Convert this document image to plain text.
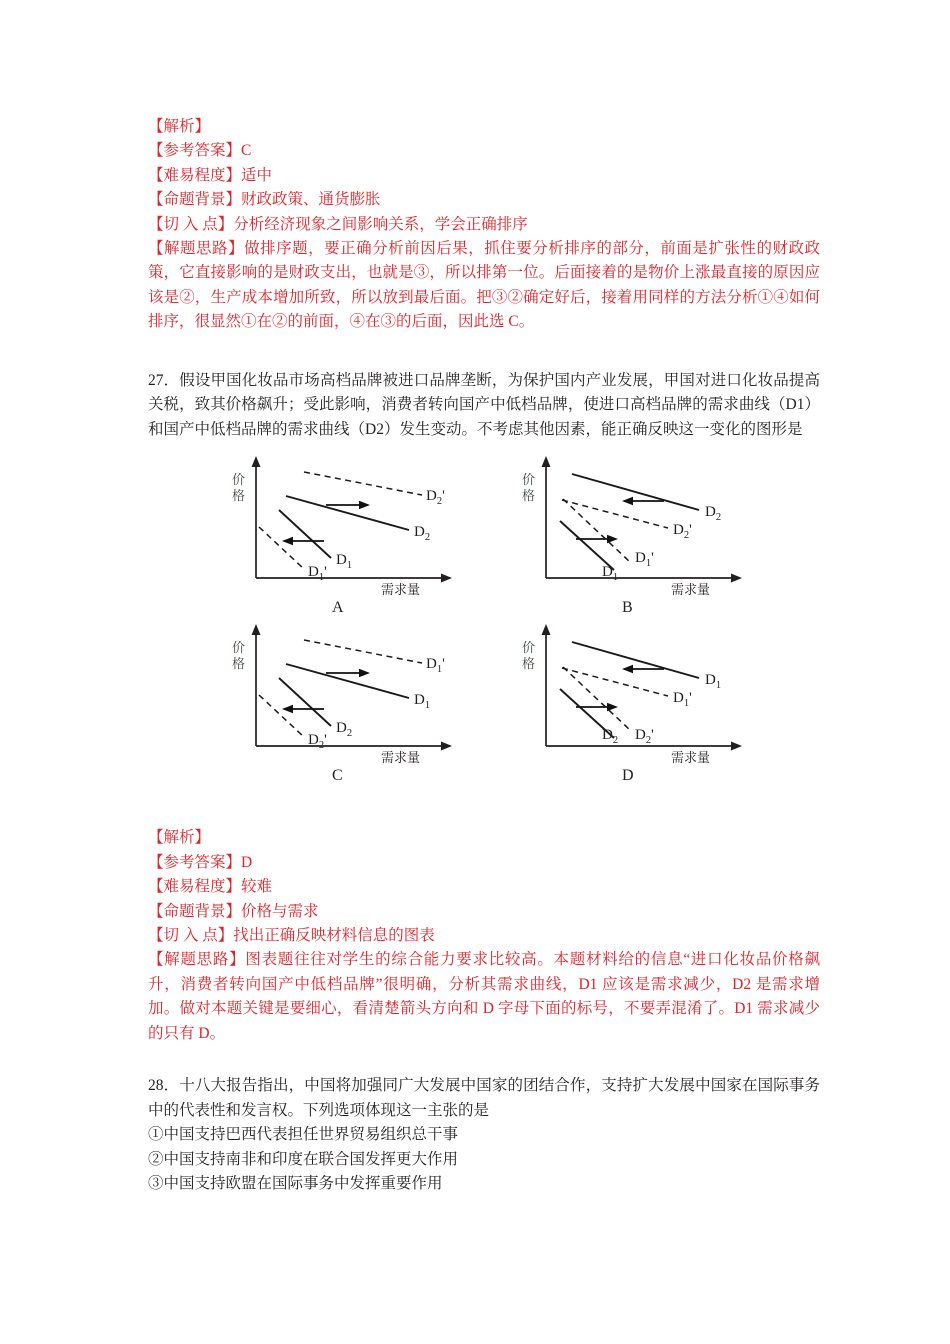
【解析】
【参考答案】C
【难易程度】适中
【命题背景】财政政策、通货膨胀
【切 入 点】分析经济现象之间影响关系，学会正确排序
【解题思路】做排序题，要正确分析前因后果，抓住要分析排序的部分，前面是扩张性的财政政策，它直接影响的是财政支出，也就是③，所以排第一位。后面接着的是物价上涨最直接的原因应该是②，生产成本增加所致，所以放到最后面。把③②确定好后，接着用同样的方法分析①④如何排序，很显然①在②的前面，④在③的后面，因此选 C。
27．假设甲国化妆品市场高档品牌被进口品牌垄断，为保护国内产业发展，甲国对进口化妆品提高关税，致其价格飙升；受此影响，消费者转向国产中低档品牌，使进口高档品牌的需求曲线（D1）和国产中低档品牌的需求曲线（D2）发生变动。不考虑其他因素，能正确反映这一变化的图形是
$D_2'$
$D_2$
$D_1$
$D_1'$
价
格
需求量
A
$D_2$
$D_2'$
$D_1'$
$D_1$
价
格
需求量
B
$D_1'$
$D_1$
$D_2$
$D_2'$
价
格
需求量
C
$D_1$
$D_1'$
$D_2'$
$D_2$
价
格
需求量
D
【解析】
【参考答案】D
【难易程度】较难
【命题背景】价格与需求
【切 入 点】找出正确反映材料信息的图表
【解题思路】图表题往往对学生的综合能力要求比较高。本题材料给的信息“进口化妆品价格飙升，消费者转向国产中低档品牌”很明确，分析其需求曲线，D1 应该是需求减少，D2 是需求增加。做对本题关键是要细心，看清楚箭头方向和 D 字母下面的标号，不要弄混淆了。D1 需求减少的只有 D。
28．十八大报告指出，中国将加强同广大发展中国家的团结合作，支持扩大发展中国家在国际事务中的代表性和发言权。下列选项体现这一主张的是
①中国支持巴西代表担任世界贸易组织总干事
②中国支持南非和印度在联合国发挥更大作用
③中国支持欧盟在国际事务中发挥重要作用
